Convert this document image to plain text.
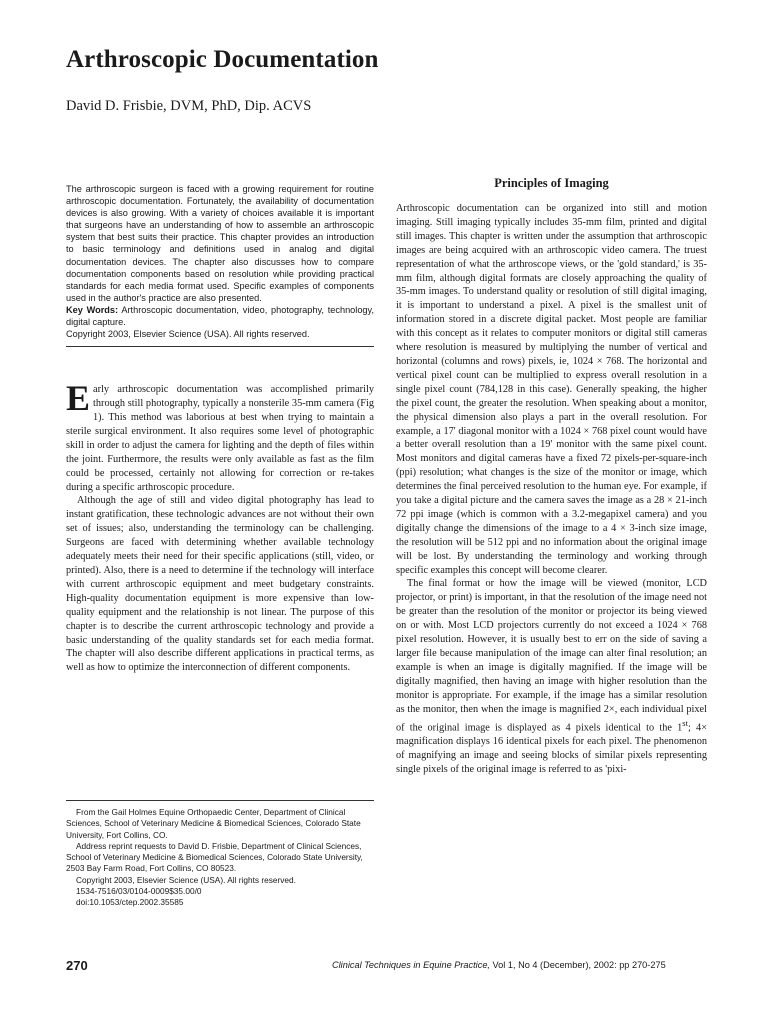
Arthroscopic Documentation

David D. Frisbie, DVM, PhD, Dip. ACVS

The arthroscopic surgeon is faced with a growing requirement for routine arthroscopic documentation. Fortunately, the availability of documentation devices is also growing. With a variety of choices available it is important that surgeons have an understanding of how to assemble an arthroscopic system that best suits their practice. This chapter provides an introduction to basic terminology and definitions used in analog and digital documentation devices. The chapter also discusses how to compare documentation components based on resolution while providing practical standards for each media format used. Specific examples of components used in the author's practice are also presented.

Key Words: Arthroscopic documentation, video, photography, technology, digital capture.

Copyright 2003, Elsevier Science (USA). All rights reserved.

Early arthroscopic documentation was accomplished primarily through still photography, typically a nonsterile 35-mm camera (Fig 1). This method was laborious at best when trying to maintain a sterile surgical environment. It also requires some level of photographic skill in order to adjust the camera for lighting and the depth of files within the joint. Furthermore, the results were only available as fast as the film could be processed, certainly not allowing for correction or re-takes during a specific arthroscopic procedure.

Although the age of still and video digital photography has lead to instant gratification, these technologic advances are not without their own set of issues; also, understanding the terminology can be challenging. Surgeons are faced with determining whether available technology adequately meets their need for their specific applications (still, video, or printed). Also, there is a need to determine if the technology will interface with current arthroscopic equipment and meet budgetary constraints. High-quality documentation equipment is more expensive than low-quality equipment and the relationship is not linear. The purpose of this chapter is to describe the current arthroscopic technology and provide a basic understanding of the quality standards set for each media format. The chapter will also describe different applications in practical terms, as well as how to optimize the interconnection of different components.

From the Gail Holmes Equine Orthopaedic Center, Department of Clinical Sciences, School of Veterinary Medicine & Biomedical Sciences, Colorado State University, Fort Collins, CO.

Address reprint requests to David D. Frisbie, Department of Clinical Sciences, School of Veterinary Medicine & Biomedical Sciences, Colorado State University, 2503 Bay Farm Road, Fort Collins, CO 80523.

Copyright 2003, Elsevier Science (USA). All rights reserved.

1534-7516/03/0104-0009$35.00/0

doi:10.1053/ctep.2002.35585

Principles of Imaging

Arthroscopic documentation can be organized into still and motion imaging. Still imaging typically includes 35-mm film, printed and digital still images. This chapter is written under the assumption that arthroscopic images are being acquired with an arthroscopic video camera. The truest representation of what the arthroscope views, or the 'gold standard,' is 35-mm film, although digital formats are closely approaching the quality of 35-mm images. To understand quality or resolution of still digital imaging, it is important to understand a pixel. A pixel is the smallest unit of information stored in a discrete digital packet. Most people are familiar with this concept as it relates to computer monitors or digital still cameras where resolution is measured by multiplying the number of vertical and horizontal (columns and rows) pixels, ie, 1024 × 768. The horizontal and vertical pixel count can be multiplied to express overall resolution in a single pixel count (784,128 in this case). Generally speaking, the higher the pixel count, the greater the resolution. When speaking about a monitor, the physical dimension also plays a part in the overall resolution. For example, a 17' diagonal monitor with a 1024 × 768 pixel count would have a better overall resolution than a 19' monitor with the same pixel count. Most monitors and digital cameras have a fixed 72 pixels-per-square-inch (ppi) resolution; what changes is the size of the monitor or image, which determines the final perceived resolution to the human eye. For example, if you take a digital picture and the camera saves the image as a 28 × 21-inch 72 ppi image (which is common with a 3.2-megapixel camera) and you digitally change the dimensions of the image to a 4 × 3-inch size image, the resolution will be 512 ppi and no information about the original image will be lost. By understanding the terminology and working through specific examples this concept will become clearer.

The final format or how the image will be viewed (monitor, LCD projector, or print) is important, in that the resolution of the image need not be greater than the resolution of the monitor or projector its being viewed on or with. Most LCD projectors currently do not exceed a 1024 × 768 pixel resolution. However, it is usually best to err on the side of saving a larger file because manipulation of the image can alter final resolution; an example is when an image is digitally magnified. If the image will be digitally magnified, then having an image with higher resolution than the monitor is appropriate. For example, if the image has a similar resolution as the monitor, then when the image is magnified 2×, each individual pixel of the original image is displayed as 4 pixels identical to the 1st; 4× magnification displays 16 identical pixels for each pixel. The phenomenon of magnifying an image and seeing blocks of similar pixels representing single pixels of the original image is referred to as 'pixi-

270	Clinical Techniques in Equine Practice, Vol 1, No 4 (December), 2002: pp 270-275
